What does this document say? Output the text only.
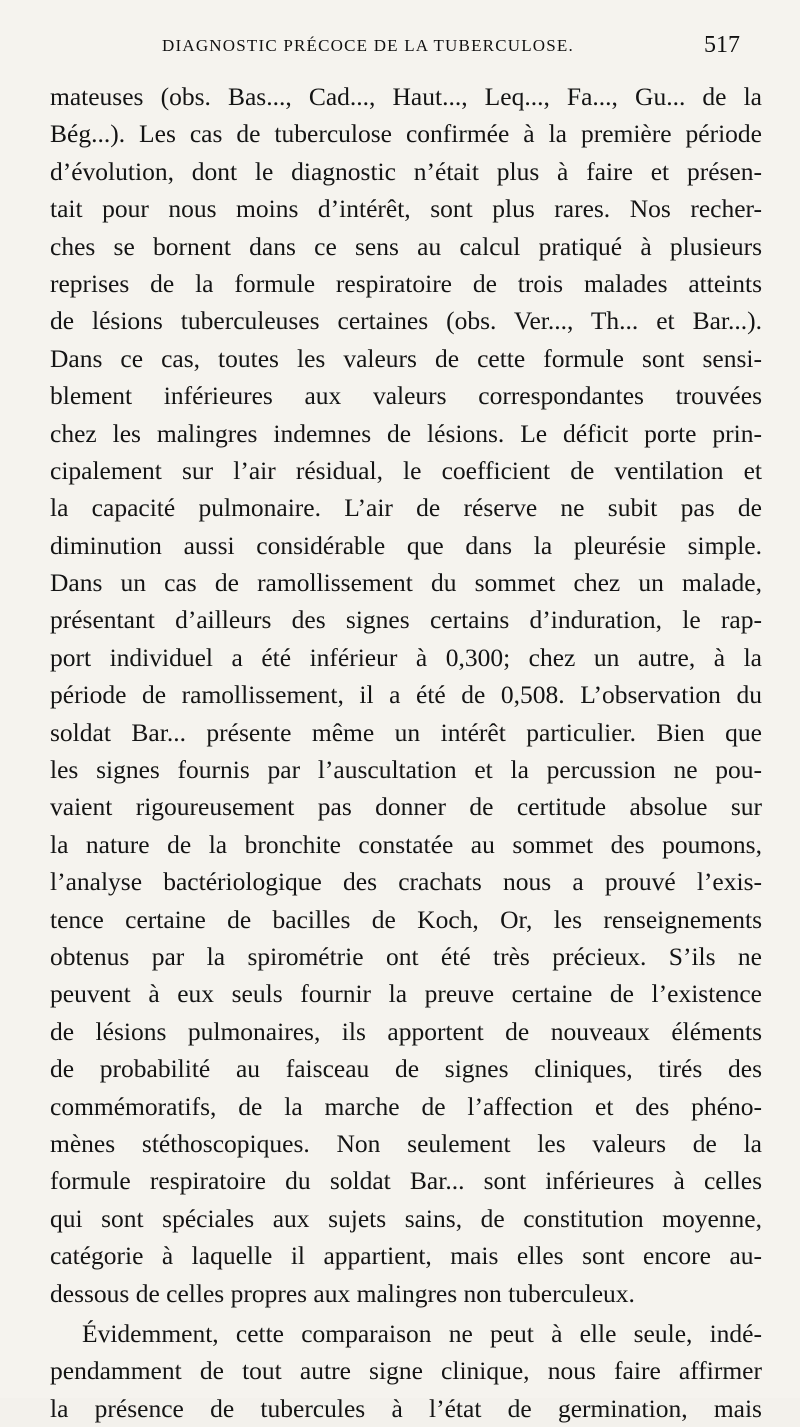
DIAGNOSTIC PRÉCOCE DE LA TUBERCULOSE.	517
mateuses (obs. Bas..., Cad..., Haut..., Leq..., Fa..., Gu... de la
Bég...). Les cas de tuberculose confirmée à la première période
d’évolution, dont le diagnostic n’était plus à faire et présen-
tait pour nous moins d’intérêt, sont plus rares. Nos recher-
ches se bornent dans ce sens au calcul pratiqué à plusieurs
reprises de la formule respiratoire de trois malades atteints
de lésions tuberculeuses certaines (obs. Ver..., Th... et Bar...).
Dans ce cas, toutes les valeurs de cette formule sont sensi-
blement inférieures aux valeurs correspondantes trouvées
chez les malingres indemnes de lésions. Le déficit porte prin-
cipalement sur l’air résidual, le coefficient de ventilation et
la capacité pulmonaire. L’air de réserve ne subit pas de
diminution aussi considérable que dans la pleurésie simple.
Dans un cas de ramollissement du sommet chez un malade,
présentant d’ailleurs des signes certains d’induration, le rap-
port individuel a été inférieur à 0,300; chez un autre, à la
période de ramollissement, il a été de 0,508. L’observation du
soldat Bar... présente même un intérêt particulier. Bien que
les signes fournis par l’auscultation et la percussion ne pou-
vaient rigoureusement pas donner de certitude absolue sur
la nature de la bronchite constatée au sommet des poumons,
l’analyse bactériologique des crachats nous a prouvé l’exis-
tence certaine de bacilles de Koch, Or, les renseignements
obtenus par la spirométrie ont été très précieux. S’ils ne
peuvent à eux seuls fournir la preuve certaine de l’existence
de lésions pulmonaires, ils apportent de nouveaux éléments
de probabilité au faisceau de signes cliniques, tirés des
commémoratifs, de la marche de l’affection et des phéno-
mènes stéthoscopiques. Non seulement les valeurs de la
formule respiratoire du soldat Bar... sont inférieures à celles
qui sont spéciales aux sujets sains, de constitution moyenne,
catégorie à laquelle il appartient, mais elles sont encore au-
dessous de celles propres aux malingres non tuberculeux.
Évidemment, cette comparaison ne peut à elle seule, indé-
pendamment de tout autre signe clinique, nous faire affirmer
la présence de tubercules à l’état de germination, mais
